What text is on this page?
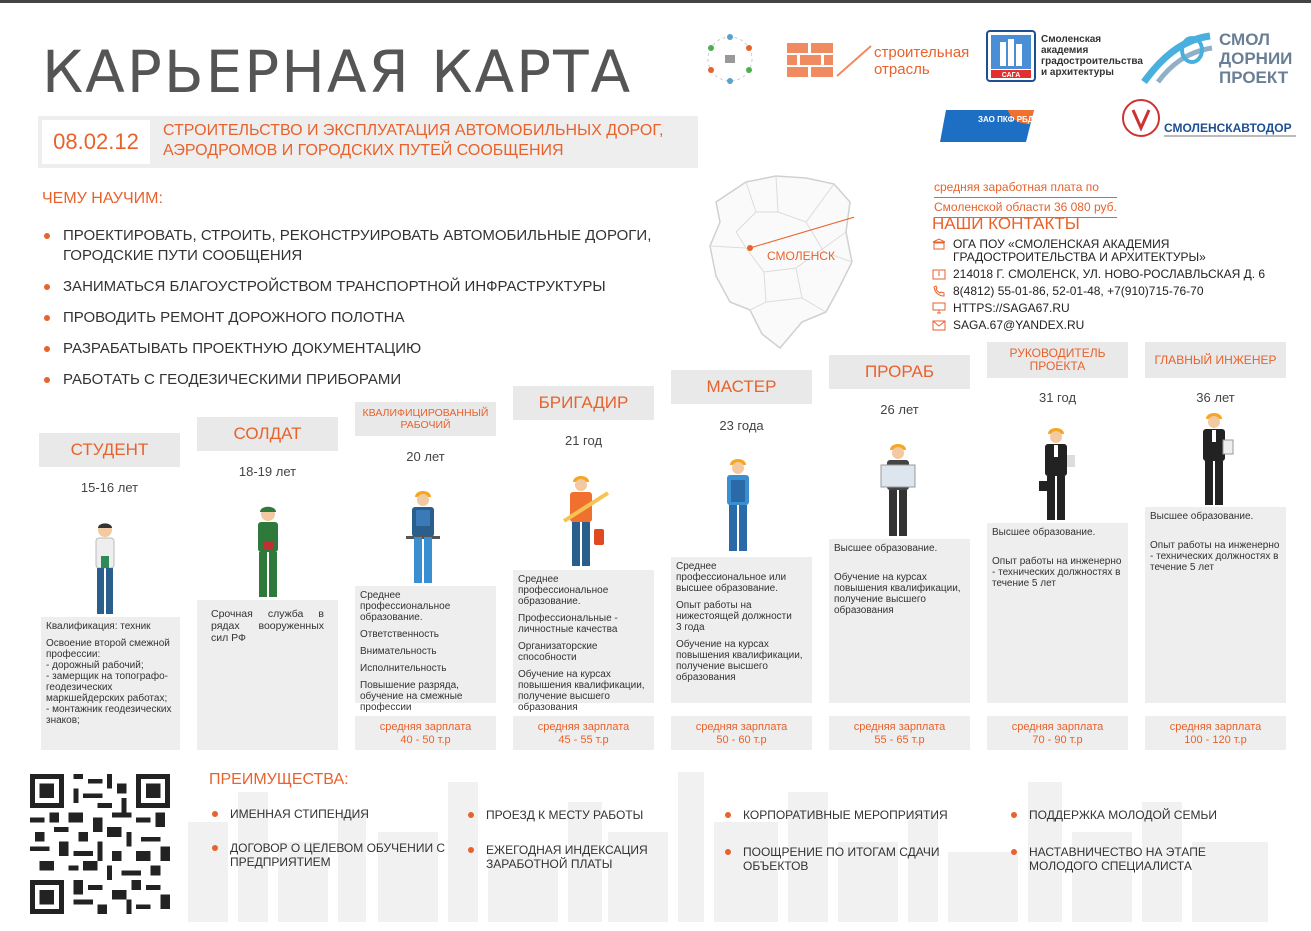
КАРЬЕРНАЯ КАРТА	строительная отрасль	САГА
Смоленская академия градостроительства и архитектуры
СМОЛ ДОРНИИ ПРОЕКТ
ЗАО ПКФ РБДС
СМОЛЕНСКАВТОДОР
08.02.12	СТРОИТЕЛЬСТВО И ЭКСПЛУАТАЦИЯ АВТОМОБИЛЬНЫХ ДОРОГ, АЭРОДРОМОВ И ГОРОДСКИХ ПУТЕЙ СООБЩЕНИЯ
ЧЕМУ НАУЧИМ:
ПРОЕКТИРОВАТЬ, СТРОИТЬ, РЕКОНСТРУИРОВАТЬ АВТОМОБИЛЬНЫЕ ДОРОГИ, ГОРОДСКИЕ ПУТИ СООБЩЕНИЯ
ЗАНИМАТЬСЯ БЛАГОУСТРОЙСТВОМ ТРАНСПОРТНОЙ ИНФРАСТРУКТУРЫ
ПРОВОДИТЬ РЕМОНТ ДОРОЖНОГО ПОЛОТНА
РАЗРАБАТЫВАТЬ ПРОЕКТНУЮ ДОКУМЕНТАЦИЮ
РАБОТАТЬ С ГЕОДЕЗИЧЕСКИМИ ПРИБОРАМИ
СМОЛЕНСК
средняя заработная плата по
Смоленской области 36 080 руб.
НАШИ КОНТАКТЫ
ОГА ПОУ «СМОЛЕНСКАЯ АКАДЕМИЯ ГРАДОСТРОИТЕЛЬСТВА И АРХИТЕКТУРЫ»
214018 Г. СМОЛЕНСК, УЛ. НОВО-РОСЛАВЛЬСКАЯ Д. 6
8(4812) 55-01-86, 52-01-48, +7(910)715-76-70
HTTPS://SAGA67.RU
SAGA.67@YANDEX.RU
СТУДЕНТ
15-16 лет

Квалификация: техник

Освоение второй смежной профессии:
- дорожный рабочий;
- замерщик на топографо-геодезических маркшейдерских работах;
- монтажник геодезических знаков;

СОЛДАТ
18-19 лет

Срочная служба в рядах вооруженных сил РФ

КВАЛИФИЦИРОВАННЫЙ РАБОЧИЙ
20 лет

Среднее профессиональное образование.

Ответственность

Внимательность

Исполнительность

Повышение разряда, обучение на смежные профессии

средняя зарплата
40 - 50 т.р
БРИГАДИР
21 год

Среднее профессиональное образование.

Профессиональные - личностные качества

Организаторские способности

Обучение на курсах повышения квалификации, получение высшего образования

средняя зарплата
45 - 55 т.р
МАСТЕР
23 года

Среднее профессиональное или высшее образование.

Опыт работы на нижестоящей должности
3 года

Обучение на курсах повышения квалификации, получение высшего образования

средняя зарплата
50 - 60 т.р
ПРОРАБ
26 лет

Высшее образование.

Обучение на курсах повышения квалификации, получение высшего образования

средняя зарплата
55 - 65 т.р
РУКОВОДИТЕЛЬ ПРОЕКТА
31 год

Высшее образование.

Опыт работы на инженерно - технических должностях в течение 5 лет

средняя зарплата
70 - 90 т.р
ГЛАВНЫЙ ИНЖЕНЕР
36 лет

Высшее образование.

Опыт работы на инженерно - технических должностях в течение 5 лет

средняя зарплата
100 - 120 т.р
ПРЕИМУЩЕСТВА:
ИМЕННАЯ СТИПЕНДИЯ
ДОГОВОР О ЦЕЛЕВОМ ОБУЧЕНИИ С ПРЕДПРИЯТИЕМ
ПРОЕЗД К МЕСТУ РАБОТЫ
ЕЖЕГОДНАЯ ИНДЕКСАЦИЯ ЗАРАБОТНОЙ ПЛАТЫ
КОРПОРАТИВНЫЕ МЕРОПРИЯТИЯ
ПООЩРЕНИЕ ПО ИТОГАМ СДАЧИ ОБЪЕКТОВ
ПОДДЕРЖКА МОЛОДОЙ СЕМЬИ
НАСТАВНИЧЕСТВО НА ЭТАПЕ МОЛОДОГО СПЕЦИАЛИСТА
